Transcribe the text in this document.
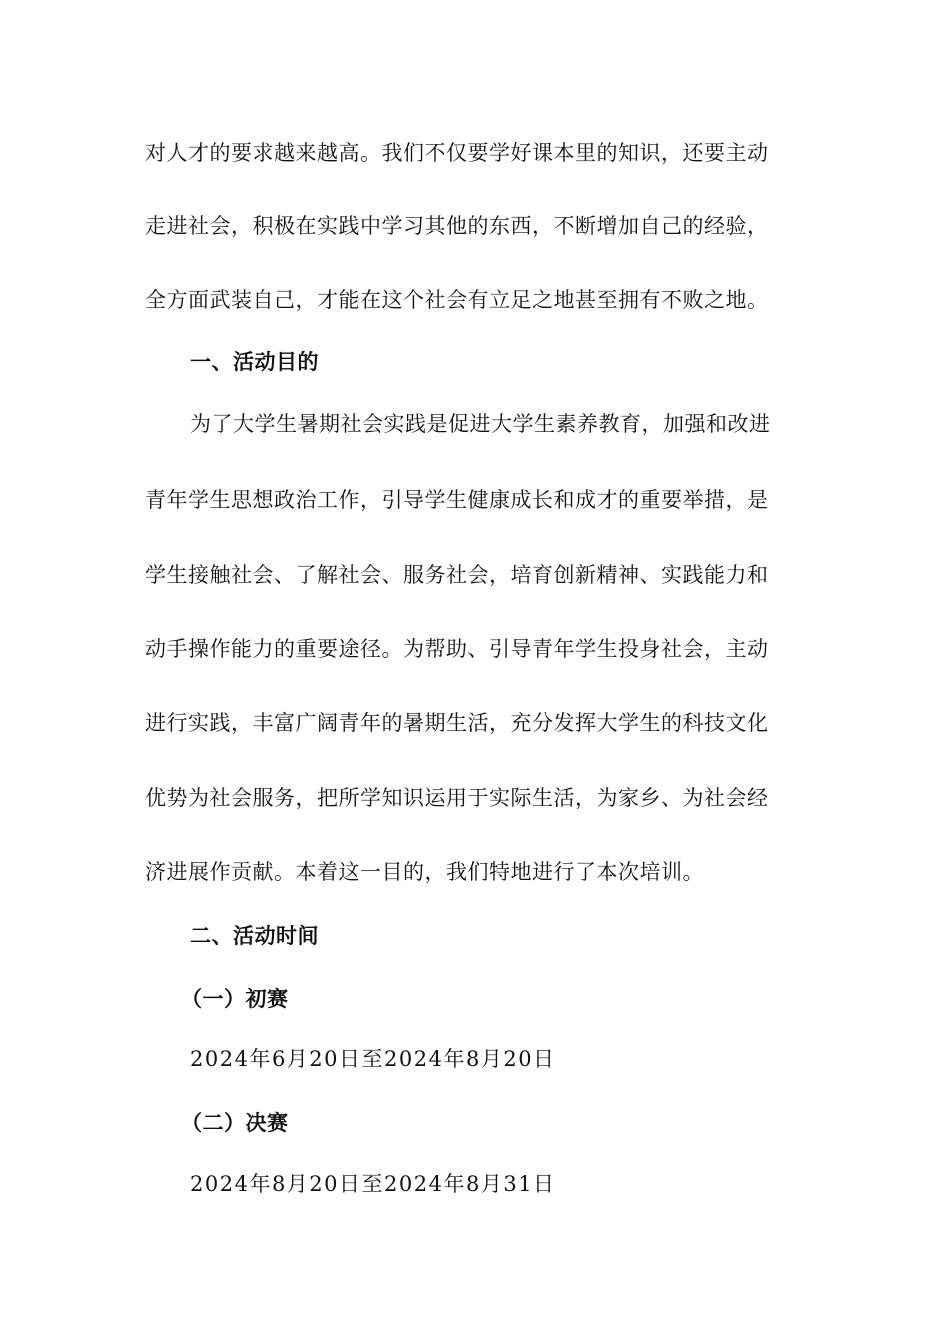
对人才的要求越来越高。我们不仅要学好课本里的知识，还要主动
走进社会，积极在实践中学习其他的东西，不断增加自己的经验，
全方面武装自己，才能在这个社会有立足之地甚至拥有不败之地。
一、活动目的
为了大学生暑期社会实践是促进大学生素养教育，加强和改进
青年学生思想政治工作，引导学生健康成长和成才的重要举措，是
学生接触社会、了解社会、服务社会，培育创新精神、实践能力和
动手操作能力的重要途径。为帮助、引导青年学生投身社会，主动
进行实践，丰富广阔青年的暑期生活，充分发挥大学生的科技文化
优势为社会服务，把所学知识运用于实际生活，为家乡、为社会经
济进展作贡献。本着这一目的，我们特地进行了本次培训。
二、活动时间
（一）初赛
2024年6月20日至2024年8月20日
（二）决赛
2024年8月20日至2024年8月31日
